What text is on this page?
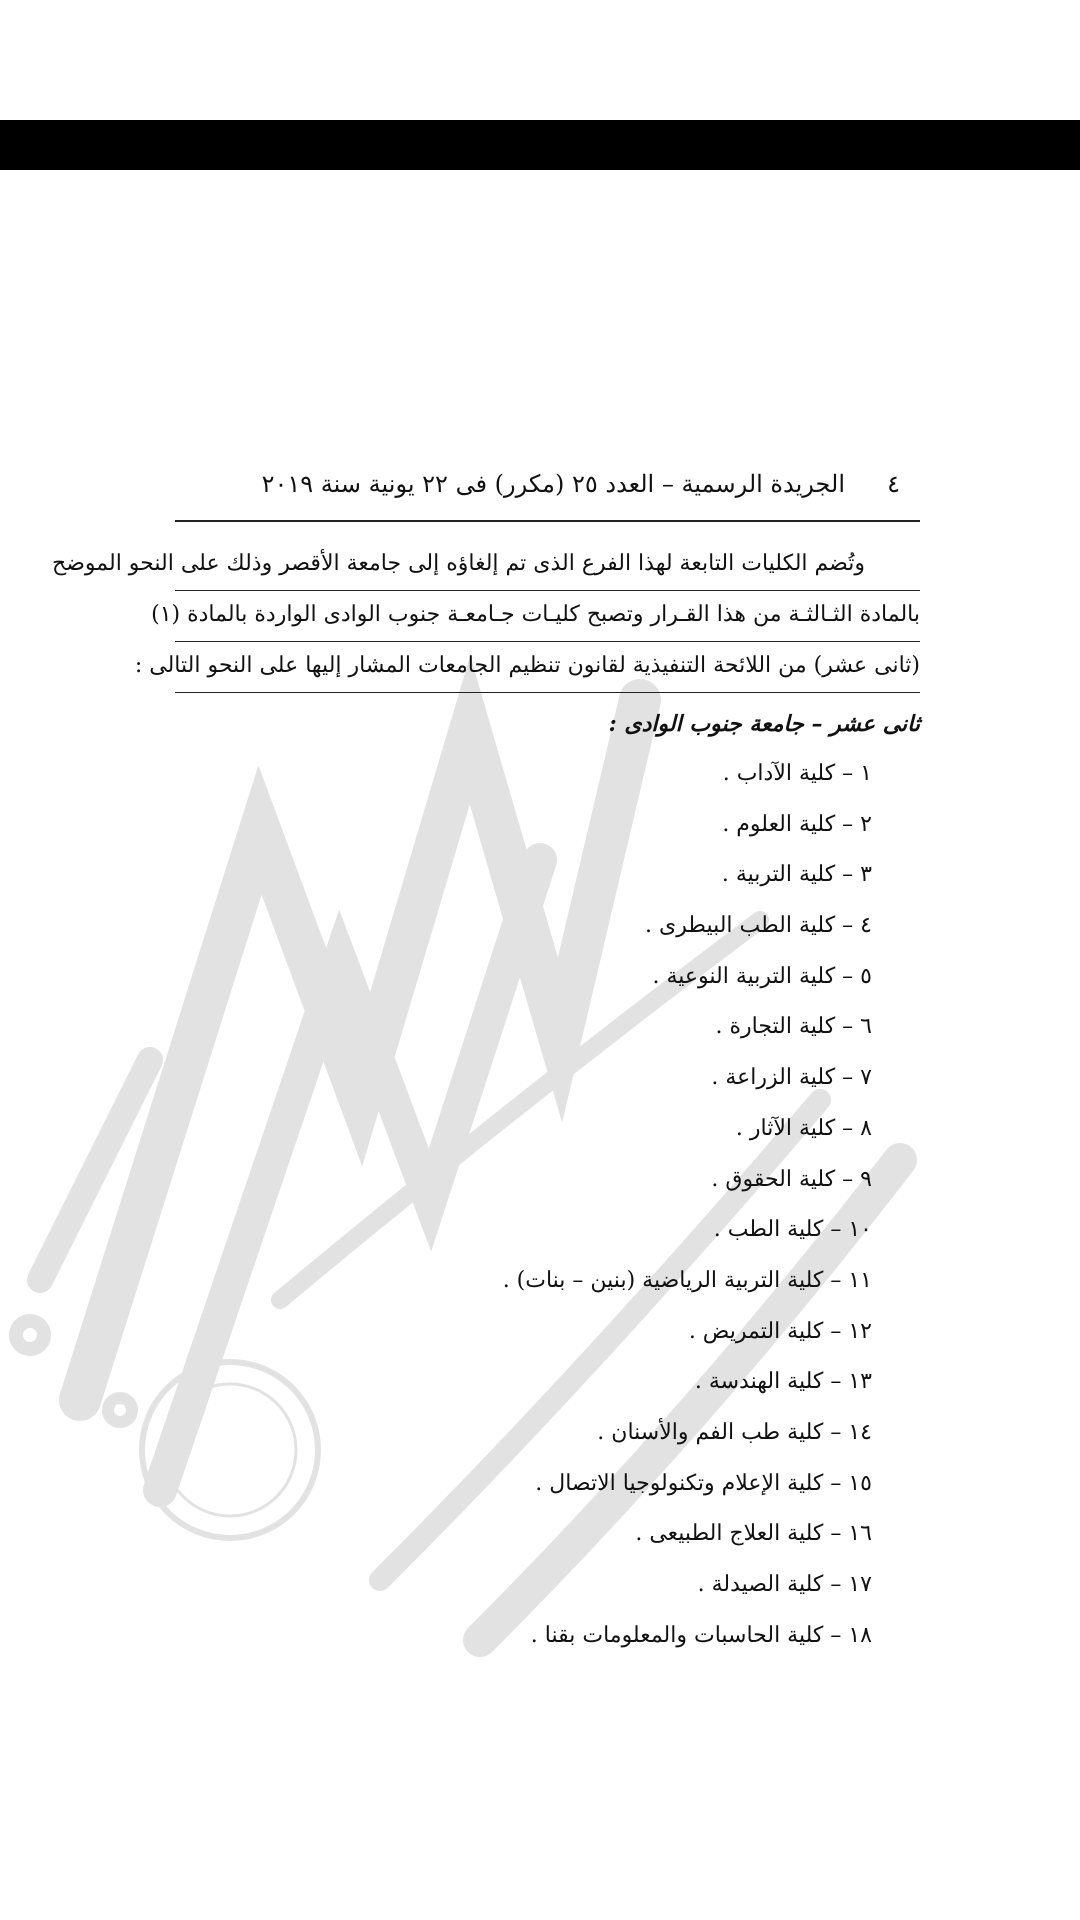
٤
الجريدة الرسمية – العدد ٢٥ (مكرر) فى ٢٢ يونية سنة ٢٠١٩
وتُضم الكليات التابعة لهذا الفرع الذى تم إلغاؤه إلى جامعة الأقصر وذلك على النحو الموضح
بالمادة الثـالثـة من هذا القـرار وتصبح كليـات جـامعـة جنوب الوادى الواردة بالمادة (١)
(ثانى عشر) من اللائحة التنفيذية لقانون تنظيم الجامعات المشار إليها على النحو التالى :
ثانى عشر – جامعة جنوب الوادى :
١ – كلية الآداب .
٢ – كلية العلوم .
٣ – كلية التربية .
٤ – كلية الطب البيطرى .
٥ – كلية التربية النوعية .
٦ – كلية التجارة .
٧ – كلية الزراعة .
٨ – كلية الآثار .
٩ – كلية الحقوق .
١٠ – كلية الطب .
١١ – كلية التربية الرياضية (بنين – بنات) .
١٢ – كلية التمريض .
١٣ – كلية الهندسة .
١٤ – كلية طب الفم والأسنان .
١٥ – كلية الإعلام وتكنولوجيا الاتصال .
١٦ – كلية العلاج الطبيعى .
١٧ – كلية الصيدلة .
١٨ – كلية الحاسبات والمعلومات بقنا .
